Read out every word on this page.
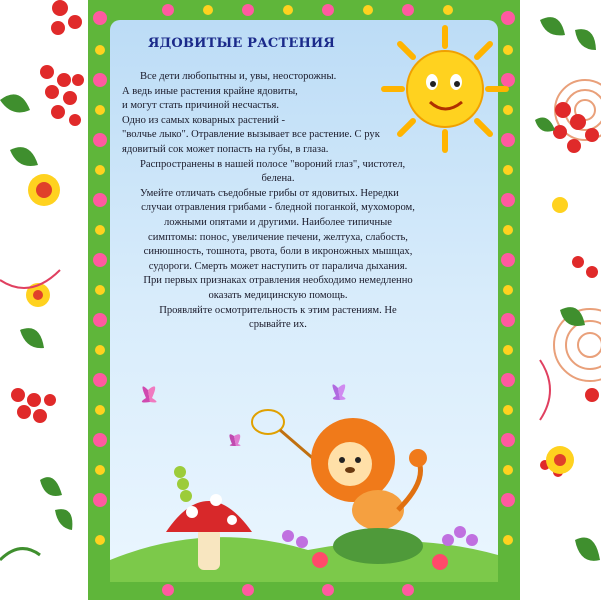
ЯДОВИТЫЕ РАСТЕНИЯ

Все дети любопытны и, увы, неосторожны.

А ведь иные растения крайне ядовиты,

и могут стать причиной несчастья.

Одно из самых коварных растений -

"волчье лыко". Отравление вызывает все растение. С рук

ядовитый сок может попасть на губы, в глаза.

Распространены в нашей полосе "вороний глаз", чистотел,

белена.

Умейте отличать съедобные грибы от ядовитых. Нередки

случаи отравления грибами - бледной поганкой, мухомором,

ложными опятами и другими. Наиболее типичные

симптомы: понос, увеличение печени, желтуха, слабость,

синюшность, тошнота, рвота, боли в икроножных мышцах,

судороги. Смерть может наступить от паралича дыхания.

При первых признаках отравления необходимо немедленно

оказать медицинскую помощь.

Проявляйте осмотрительность к этим растениям. Не

срывайте их.
